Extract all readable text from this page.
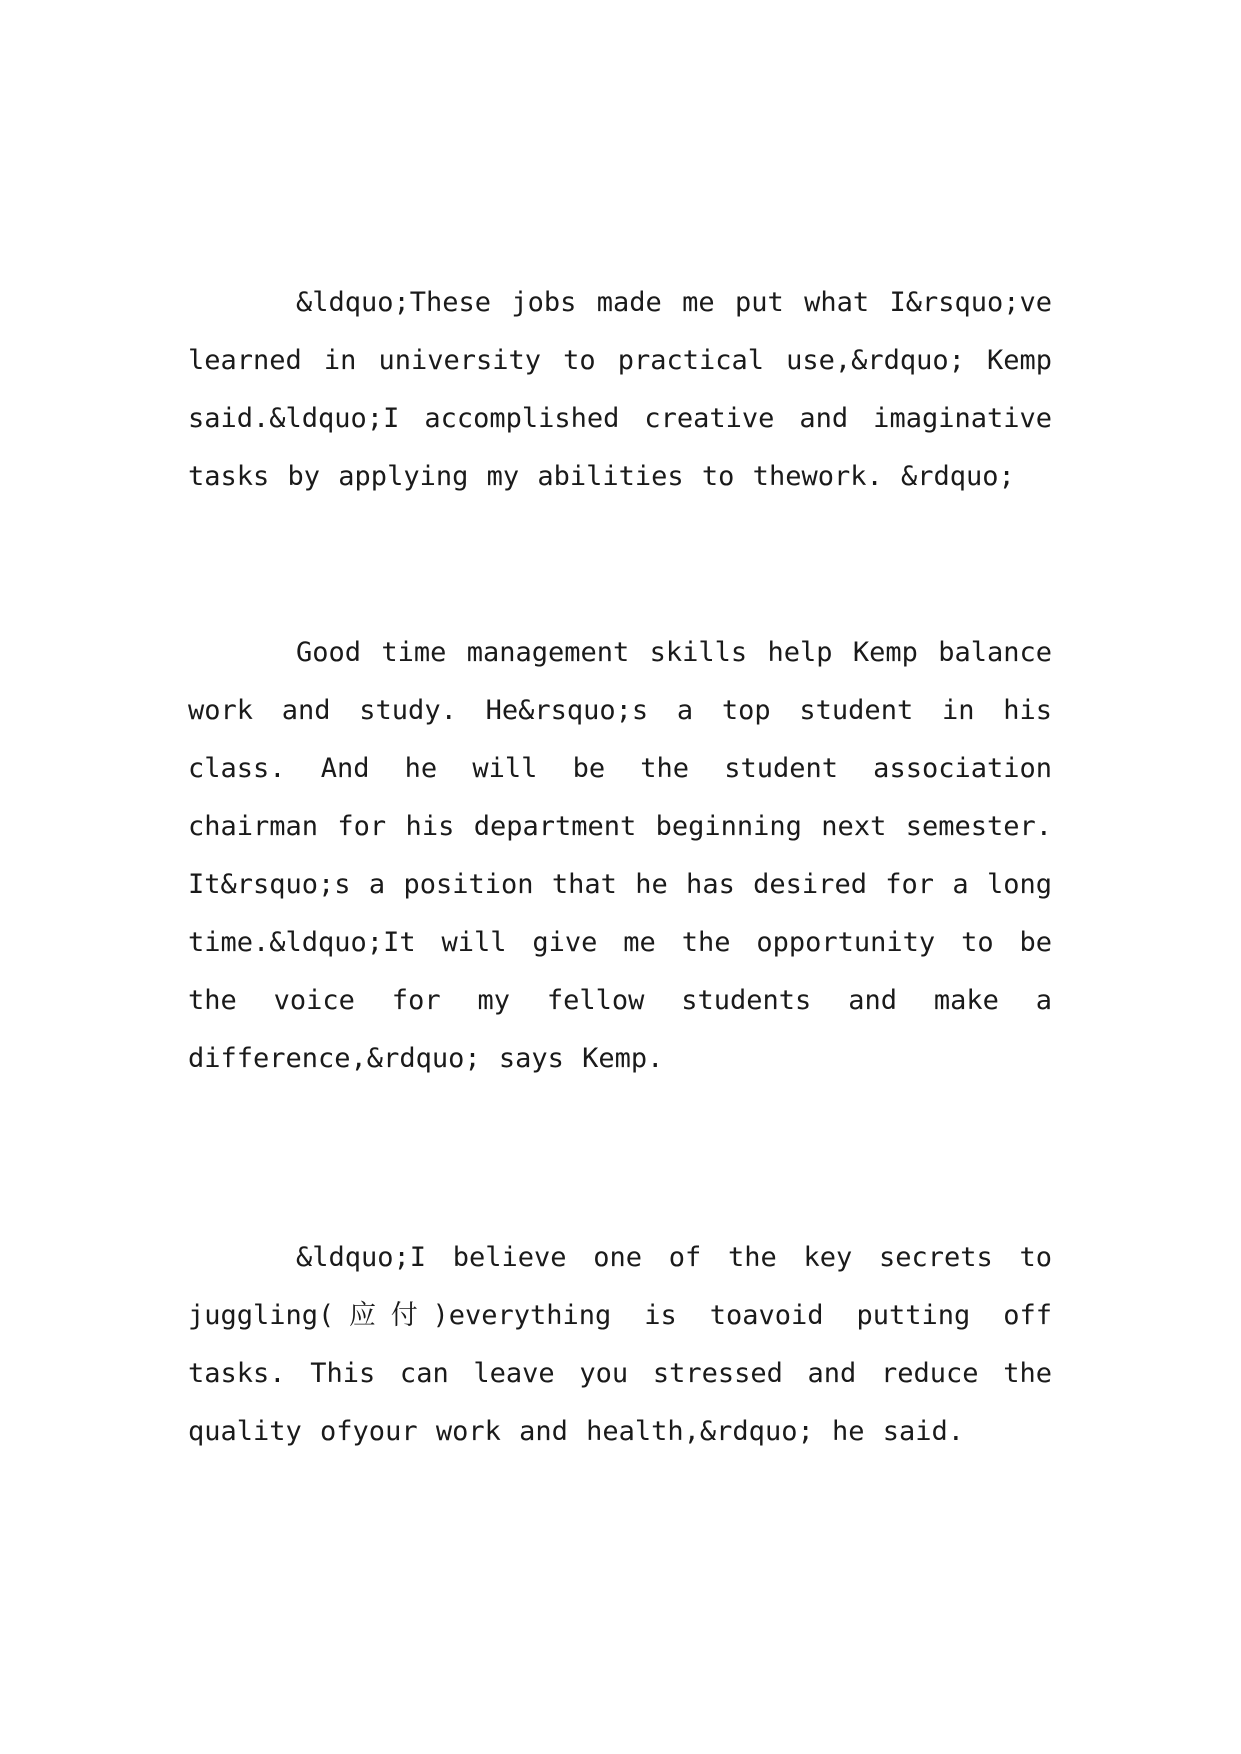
&ldquo;These jobs made me put what I&rsquo;ve learned in university to practical use,&rdquo; Kemp said.&ldquo;I accomplished creative and imaginative tasks by applying my abilities to thework. &rdquo;

Good time management skills help Kemp balance work and study. He&rsquo;s a top student in his class. And he will be the student association chairman for his department beginning next semester. It&rsquo;s a position that he has desired for a long time.&ldquo;It will give me the opportunity to be the voice for my fellow students and make a difference,&rdquo; says Kemp.

&ldquo;I believe one of the key secrets to juggling(应付)everything is toavoid putting off tasks. This can leave you stressed and reduce the quality ofyour work and health,&rdquo; he said.
